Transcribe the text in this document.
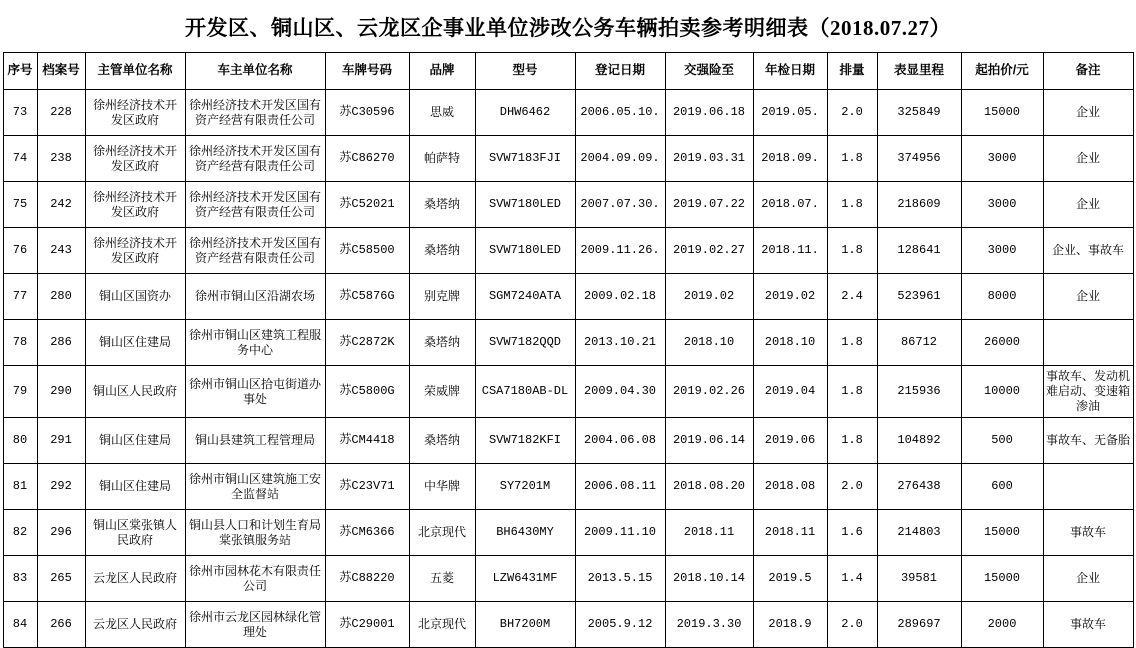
开发区、铜山区、云龙区企事业单位涉改公务车辆拍卖参考明细表（2018.07.27）
序号	档案号	主管单位名称	车主单位名称	车牌号码	品牌	型号	登记日期	交强险至	年检日期	排量	表显里程	起拍价/元	备注
73	228	徐州经济技术开发区政府	徐州经济技术开发区国有资产经营有限责任公司	苏C30596	思威	DHW6462	2006.05.10.	2019.06.18	2019.05.	2.0	325849	15000	企业
74	238	徐州经济技术开发区政府	徐州经济技术开发区国有资产经营有限责任公司	苏C86270	帕萨特	SVW7183FJI	2004.09.09.	2019.03.31	2018.09.	1.8	374956	3000	企业
75	242	徐州经济技术开发区政府	徐州经济技术开发区国有资产经营有限责任公司	苏C52021	桑塔纳	SVW7180LED	2007.07.30.	2019.07.22	2018.07.	1.8	218609	3000	企业
76	243	徐州经济技术开发区政府	徐州经济技术开发区国有资产经营有限责任公司	苏C58500	桑塔纳	SVW7180LED	2009.11.26.	2019.02.27	2018.11.	1.8	128641	3000	企业、事故车
77	280	铜山区国资办	徐州市铜山区沿湖农场	苏C5876G	别克牌	SGM7240ATA	2009.02.18	2019.02	2019.02	2.4	523961	8000	企业
78	286	铜山区住建局	徐州市铜山区建筑工程服务中心	苏C2872K	桑塔纳	SVW7182QQD	2013.10.21	2018.10	2018.10	1.8	86712	26000	
79	290	铜山区人民政府	徐州市铜山区拾屯街道办事处	苏C5800G	荣威牌	CSA7180AB-DL	2009.04.30	2019.02.26	2019.04	1.8	215936	10000	事故车、发动机难启动、变速箱渗油
80	291	铜山区住建局	铜山县建筑工程管理局	苏CM4418	桑塔纳	SVW7182KFI	2004.06.08	2019.06.14	2019.06	1.8	104892	500	事故车、无备胎
81	292	铜山区住建局	徐州市铜山区建筑施工安全监督站	苏C23V71	中华牌	SY7201M	2006.08.11	2018.08.20	2018.08	2.0	276438	600	
82	296	铜山区棠张镇人民政府	铜山县人口和计划生育局棠张镇服务站	苏CM6366	北京现代	BH6430MY	2009.11.10	2018.11	2018.11	1.6	214803	15000	事故车
83	265	云龙区人民政府	徐州市园林花木有限责任公司	苏C88220	五菱	LZW6431MF	2013.5.15	2018.10.14	2019.5	1.4	39581	15000	企业
84	266	云龙区人民政府	徐州市云龙区园林绿化管理处	苏C29001	北京现代	BH7200M	2005.9.12	2019.3.30	2018.9	2.0	289697	2000	事故车
